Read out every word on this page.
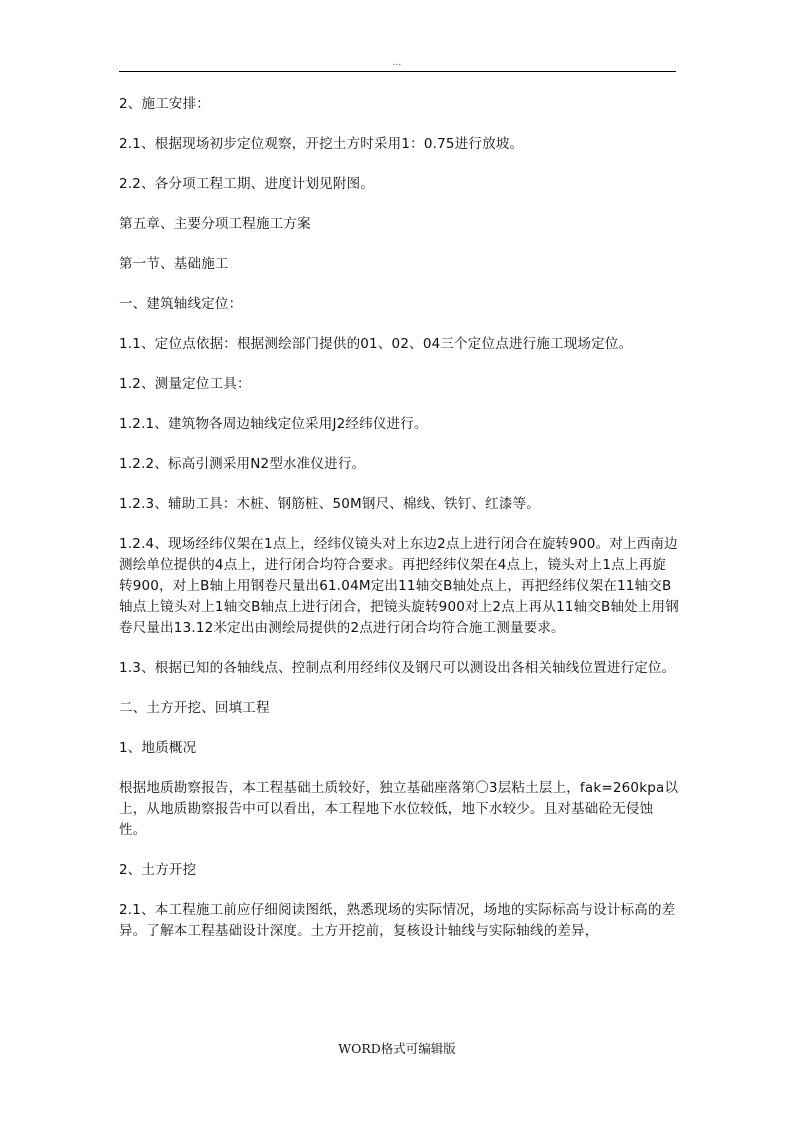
...

2、施工安排：

2.1、根据现场初步定位观察，开挖土方时采用1：0.75进行放坡。

2.2、各分项工程工期、进度计划见附图。

第五章、主要分项工程施工方案

第一节、基础施工

一、建筑轴线定位：

1.1、定位点依据：根据测绘部门提供的01、02、04三个定位点进行施工现场定位。

1.2、测量定位工具：

1.2.1、建筑物各周边轴线定位采用J2经纬仪进行。

1.2.2、标高引测采用N2型水准仪进行。

1.2.3、辅助工具：木桩、钢筋桩、50M钢尺、棉线、铁钉、红漆等。

1.2.4、现场经纬仪架在1点上，经纬仪镜头对上东边2点上进行闭合在旋转900。对上西南边测绘单位提供的4点上，进行闭合均符合要求。再把经纬仪架在4点上，镜头对上1点上再旋转900，对上B轴上用钢卷尺量出61.04M定出11轴交B轴处点上，再把经纬仪架在11轴交B轴点上镜头对上1轴交B轴点上进行闭合，把镜头旋转900对上2点上再从11轴交B轴处上用钢卷尺量出13.12米定出由测绘局提供的2点进行闭合均符合施工测量要求。

1.3、根据已知的各轴线点、控制点利用经纬仪及钢尺可以测设出各相关轴线位置进行定位。

二、土方开挖、回填工程

1、地质概况

根据地质勘察报告，本工程基础土质较好，独立基础座落第〇3层粘土层上，fak=260kpa以上，从地质勘察报告中可以看出，本工程地下水位较低，地下水较少。且对基础砼无侵蚀性。

2、土方开挖

2.1、本工程施工前应仔细阅读图纸，熟悉现场的实际情况，场地的实际标高与设计标高的差异。了解本工程基础设计深度。土方开挖前，复核设计轴线与实际轴线的差异，

WORD格式可编辑版
